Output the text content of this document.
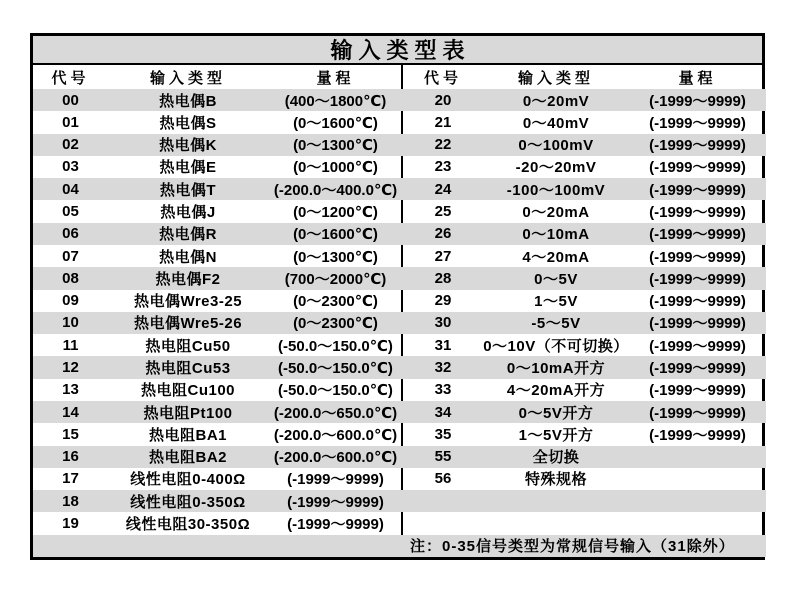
输入类型表
代号	输入类型	量程
00	热电偶B	(400～1800℃)
01	热电偶S	(0～1600℃)
02	热电偶K	(0～1300℃)
03	热电偶E	(0～1000℃)
04	热电偶T	(-200.0～400.0℃)
05	热电偶J	(0～1200℃)
06	热电偶R	(0～1600℃)
07	热电偶N	(0～1300℃)
08	热电偶F2	(700～2000℃)
09	热电偶Wre3-25	(0～2300℃)
10	热电偶Wre5-26	(0～2300℃)
11	热电阻Cu50	(-50.0～150.0℃)
12	热电阻Cu53	(-50.0～150.0℃)
13	热电阻Cu100	(-50.0～150.0℃)
14	热电阻Pt100	(-200.0～650.0℃)
15	热电阻BA1	(-200.0～600.0℃)
16	热电阻BA2	(-200.0～600.0℃)
17	线性电阻0-400Ω	(-1999～9999)
18	线性电阻0-350Ω	(-1999～9999)
19	线性电阻30-350Ω	(-1999～9999)

代号	输入类型	量程
20	0～20mV	(-1999～9999)
21	0～40mV	(-1999～9999)
22	0～100mV	(-1999～9999)
23	-20～20mV	(-1999～9999)
24	-100～100mV	(-1999～9999)
25	0～20mA	(-1999～9999)
26	0～10mA	(-1999～9999)
27	4～20mA	(-1999～9999)
28	0～5V	(-1999～9999)
29	1～5V	(-1999～9999)
30	-5～5V	(-1999～9999)
31	0～10V（不可切换）	(-1999～9999)
32	0～10mA开方	(-1999～9999)
33	4～20mA开方	(-1999～9999)
34	0～5V开方	(-1999～9999)
35	1～5V开方	(-1999～9999)
55	全切换	
56	特殊规格	

注：0-35信号类型为常规信号输入（31除外）		
